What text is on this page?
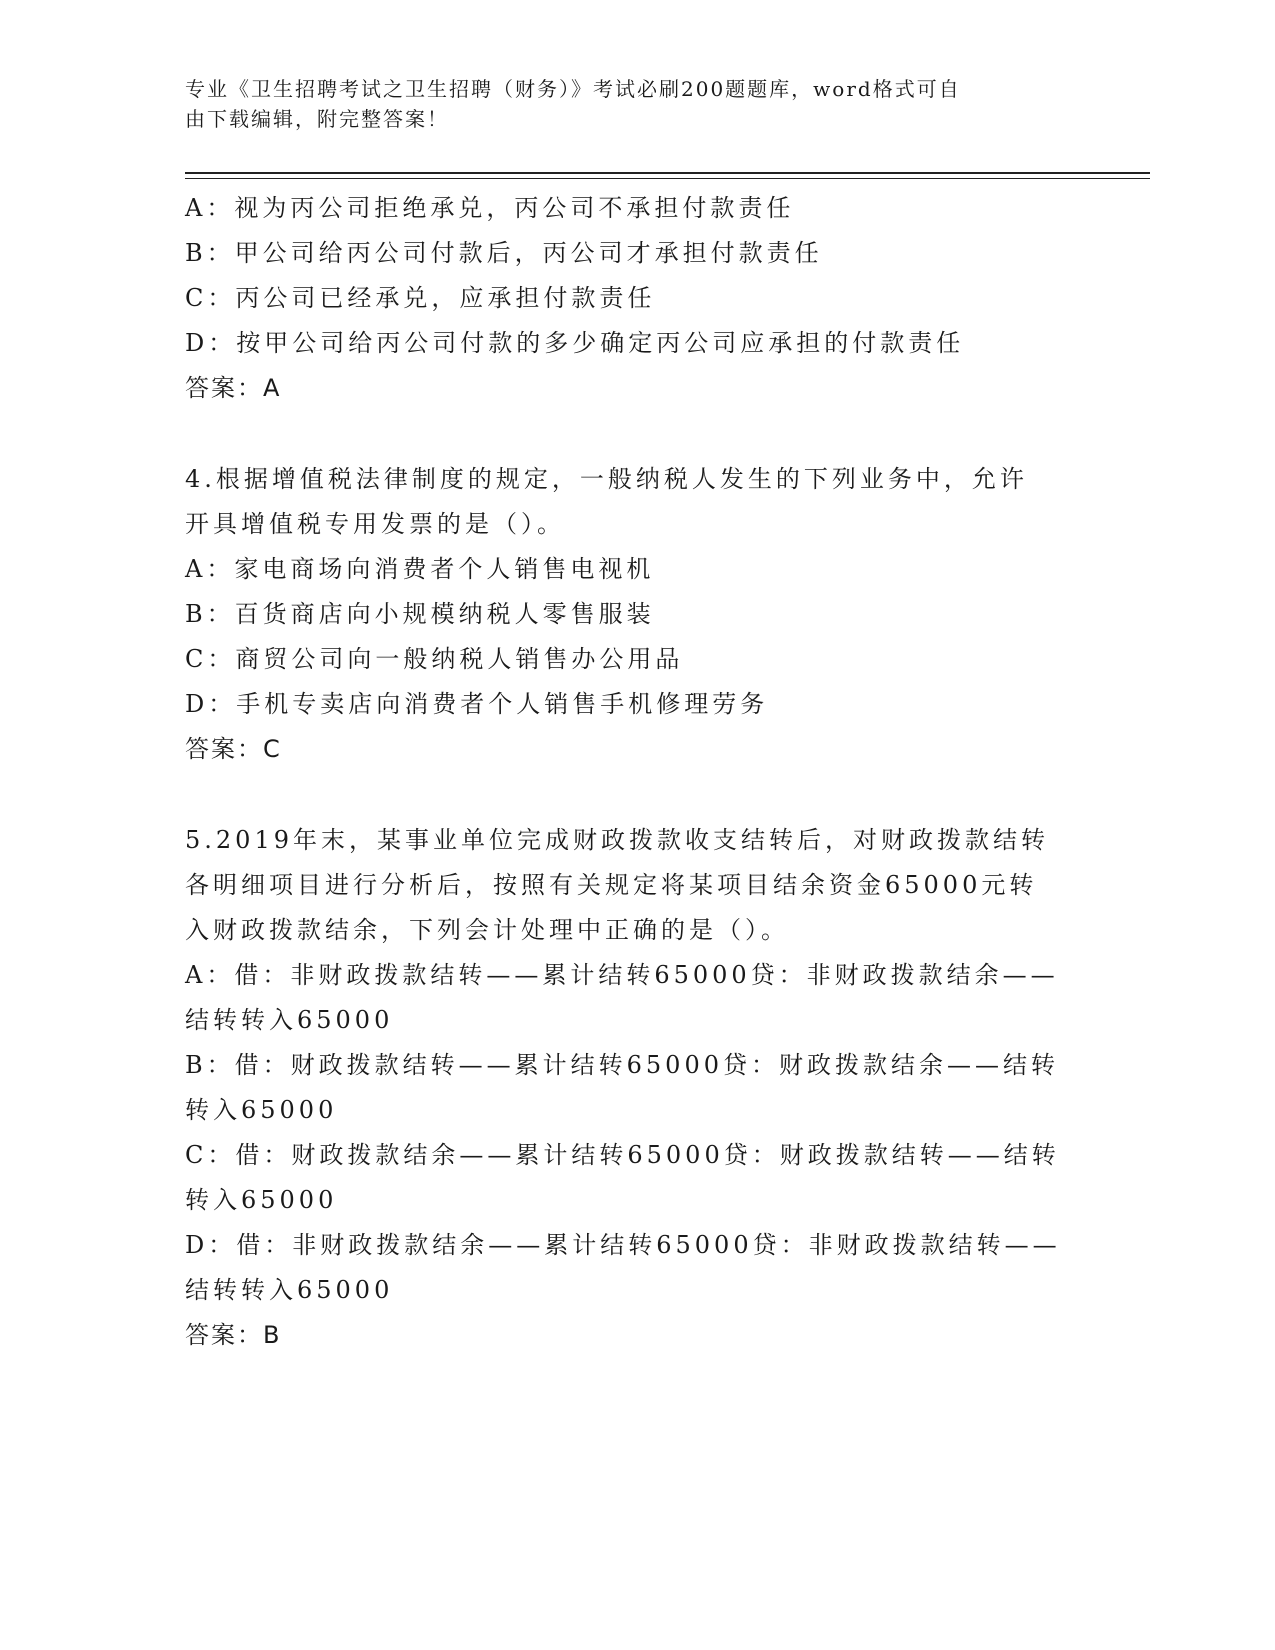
专业《卫生招聘考试之卫生招聘（财务）》考试必刷200题题库，word格式可自
由下载编辑，附完整答案！
A：视为丙公司拒绝承兑，丙公司不承担付款责任
B：甲公司给丙公司付款后，丙公司才承担付款责任
C：丙公司已经承兑，应承担付款责任
D：按甲公司给丙公司付款的多少确定丙公司应承担的付款责任
答案：A
4.根据增值税法律制度的规定，一般纳税人发生的下列业务中，允许
开具增值税专用发票的是（）。
A：家电商场向消费者个人销售电视机
B：百货商店向小规模纳税人零售服装
C：商贸公司向一般纳税人销售办公用品
D：手机专卖店向消费者个人销售手机修理劳务
答案：C
5.2019年末，某事业单位完成财政拨款收支结转后，对财政拨款结转
各明细项目进行分析后，按照有关规定将某项目结余资金65000元转
入财政拨款结余，下列会计处理中正确的是（）。
A：借：非财政拨款结转——累计结转65000贷：非财政拨款结余——
结转转入65000
B：借：财政拨款结转——累计结转65000贷：财政拨款结余——结转
转入65000
C：借：财政拨款结余——累计结转65000贷：财政拨款结转——结转
转入65000
D：借：非财政拨款结余——累计结转65000贷：非财政拨款结转——
结转转入65000
答案：B
